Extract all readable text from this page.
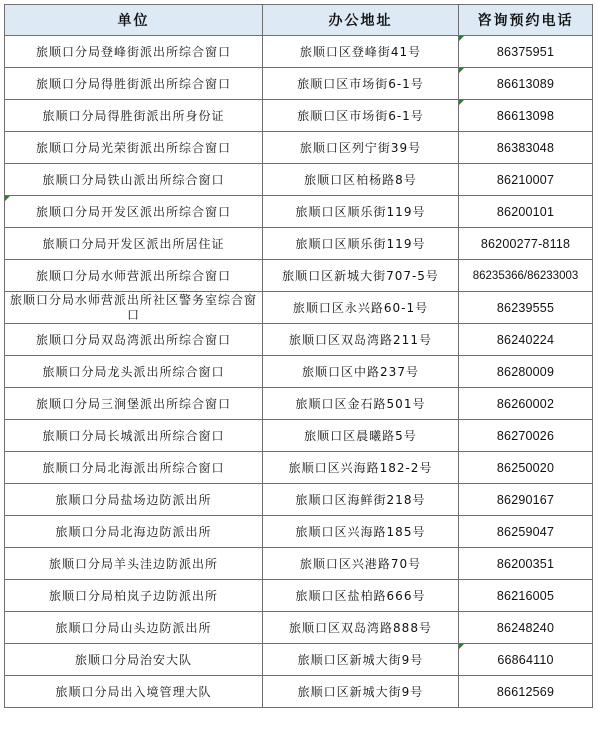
单位	办公地址	咨询预约电话
旅顺口分局登峰街派出所综合窗口	旅顺口区登峰街41号	86375951
旅顺口分局得胜街派出所综合窗口	旅顺口区市场街6-1号	86613089
旅顺口分局得胜街派出所身份证	旅顺口区市场街6-1号	86613098
旅顺口分局光荣街派出所综合窗口	旅顺口区列宁街39号	86383048
旅顺口分局铁山派出所综合窗口	旅顺口区柏杨路8号	86210007
旅顺口分局开发区派出所综合窗口	旅顺口区顺乐街119号	86200101
旅顺口分局开发区派出所居住证	旅顺口区顺乐街119号	86200277-8118
旅顺口分局水师营派出所综合窗口	旅顺口区新城大街707-5号	86235366/86233003
旅顺口分局水师营派出所社区警务室综合窗口	旅顺口区永兴路60-1号	86239555
旅顺口分局双岛湾派出所综合窗口	旅顺口区双岛湾路211号	86240224
旅顺口分局龙头派出所综合窗口	旅顺口区中路237号	86280009
旅顺口分局三涧堡派出所综合窗口	旅顺口区金石路501号	86260002
旅顺口分局长城派出所综合窗口	旅顺口区晨曦路5号	86270026
旅顺口分局北海派出所综合窗口	旅顺口区兴海路182-2号	86250020
旅顺口分局盐场边防派出所	旅顺口区海鲜街218号	86290167
旅顺口分局北海边防派出所	旅顺口区兴海路185号	86259047
旅顺口分局羊头洼边防派出所	旅顺口区兴港路70号	86200351
旅顺口分局柏岚子边防派出所	旅顺口区盐柏路666号	86216005
旅顺口分局山头边防派出所	旅顺口区双岛湾路888号	86248240
旅顺口分局治安大队	旅顺口区新城大街9号	66864110
旅顺口分局出入境管理大队	旅顺口区新城大街9号	86612569
